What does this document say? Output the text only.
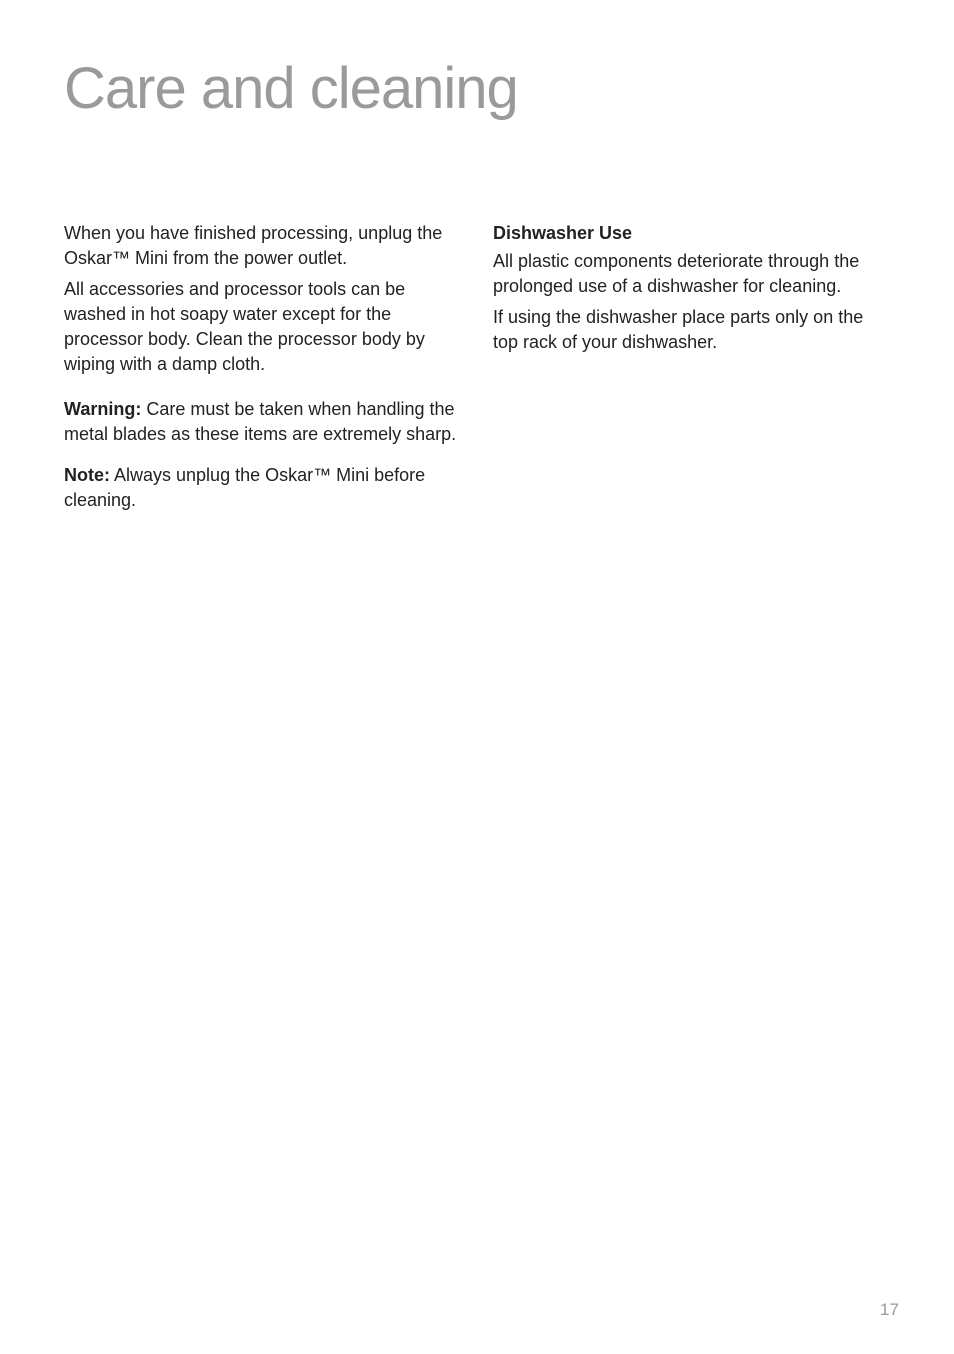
Care and cleaning

When you have finished processing, unplug the Oskar™ Mini from the power outlet.

All accessories and processor tools can be washed in hot soapy water except for the processor body. Clean the processor body by wiping with a damp cloth.

Warning: Care must be taken when handling the metal blades as these items are extremely sharp.

Note: Always unplug the Oskar™ Mini before cleaning.

Dishwasher Use

All plastic components deteriorate through the prolonged use of a dishwasher for cleaning.

If using the dishwasher place parts only on the top rack of your dishwasher.

17
